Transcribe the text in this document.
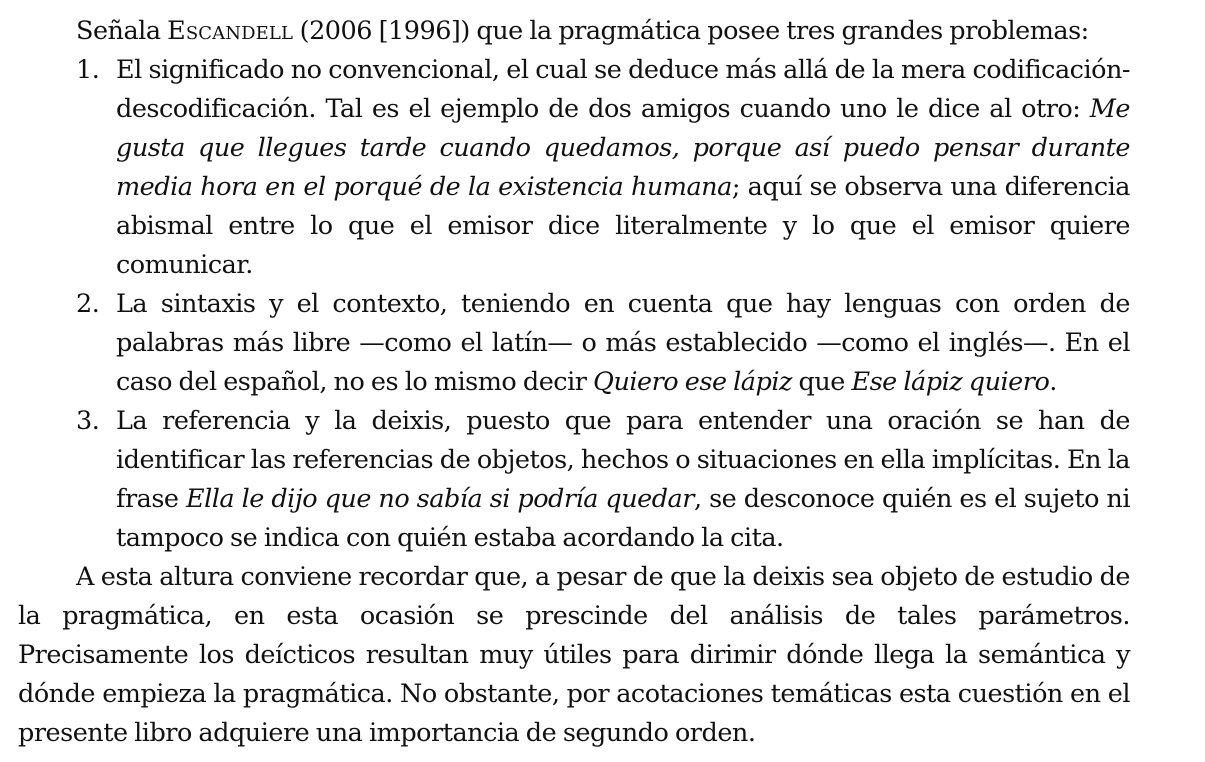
Señala Escandell (2006 [1996]) que la pragmática posee tres grandes problemas:

1. El significado no convencional, el cual se deduce más allá de la mera codificación-descodificación. Tal es el ejemplo de dos amigos cuando uno le dice al otro: Me gusta que llegues tarde cuando quedamos, porque así puedo pensar durante media hora en el porqué de la existencia humana; aquí se observa una diferencia abismal entre lo que el emisor dice literalmente y lo que el emisor quiere comunicar.
2. La sintaxis y el contexto, teniendo en cuenta que hay lenguas con orden de palabras más libre —como el latín— o más establecido —como el inglés—. En el caso del español, no es lo mismo decir Quiero ese lápiz que Ese lápiz quiero.
3. La referencia y la deixis, puesto que para entender una oración se han de identificar las referencias de objetos, hechos o situaciones en ella implícitas. En la frase Ella le dijo que no sabía si podría quedar, se desconoce quién es el sujeto ni tampoco se indica con quién estaba acordando la cita.

A esta altura conviene recordar que, a pesar de que la deixis sea objeto de estudio de la pragmática, en esta ocasión se prescinde del análisis de tales parámetros. Precisamente los deícticos resultan muy útiles para dirimir dónde llega la semántica y dónde empieza la pragmática. No obstante, por acotaciones temáticas esta cuestión en el presente libro adquiere una importancia de segundo orden.
